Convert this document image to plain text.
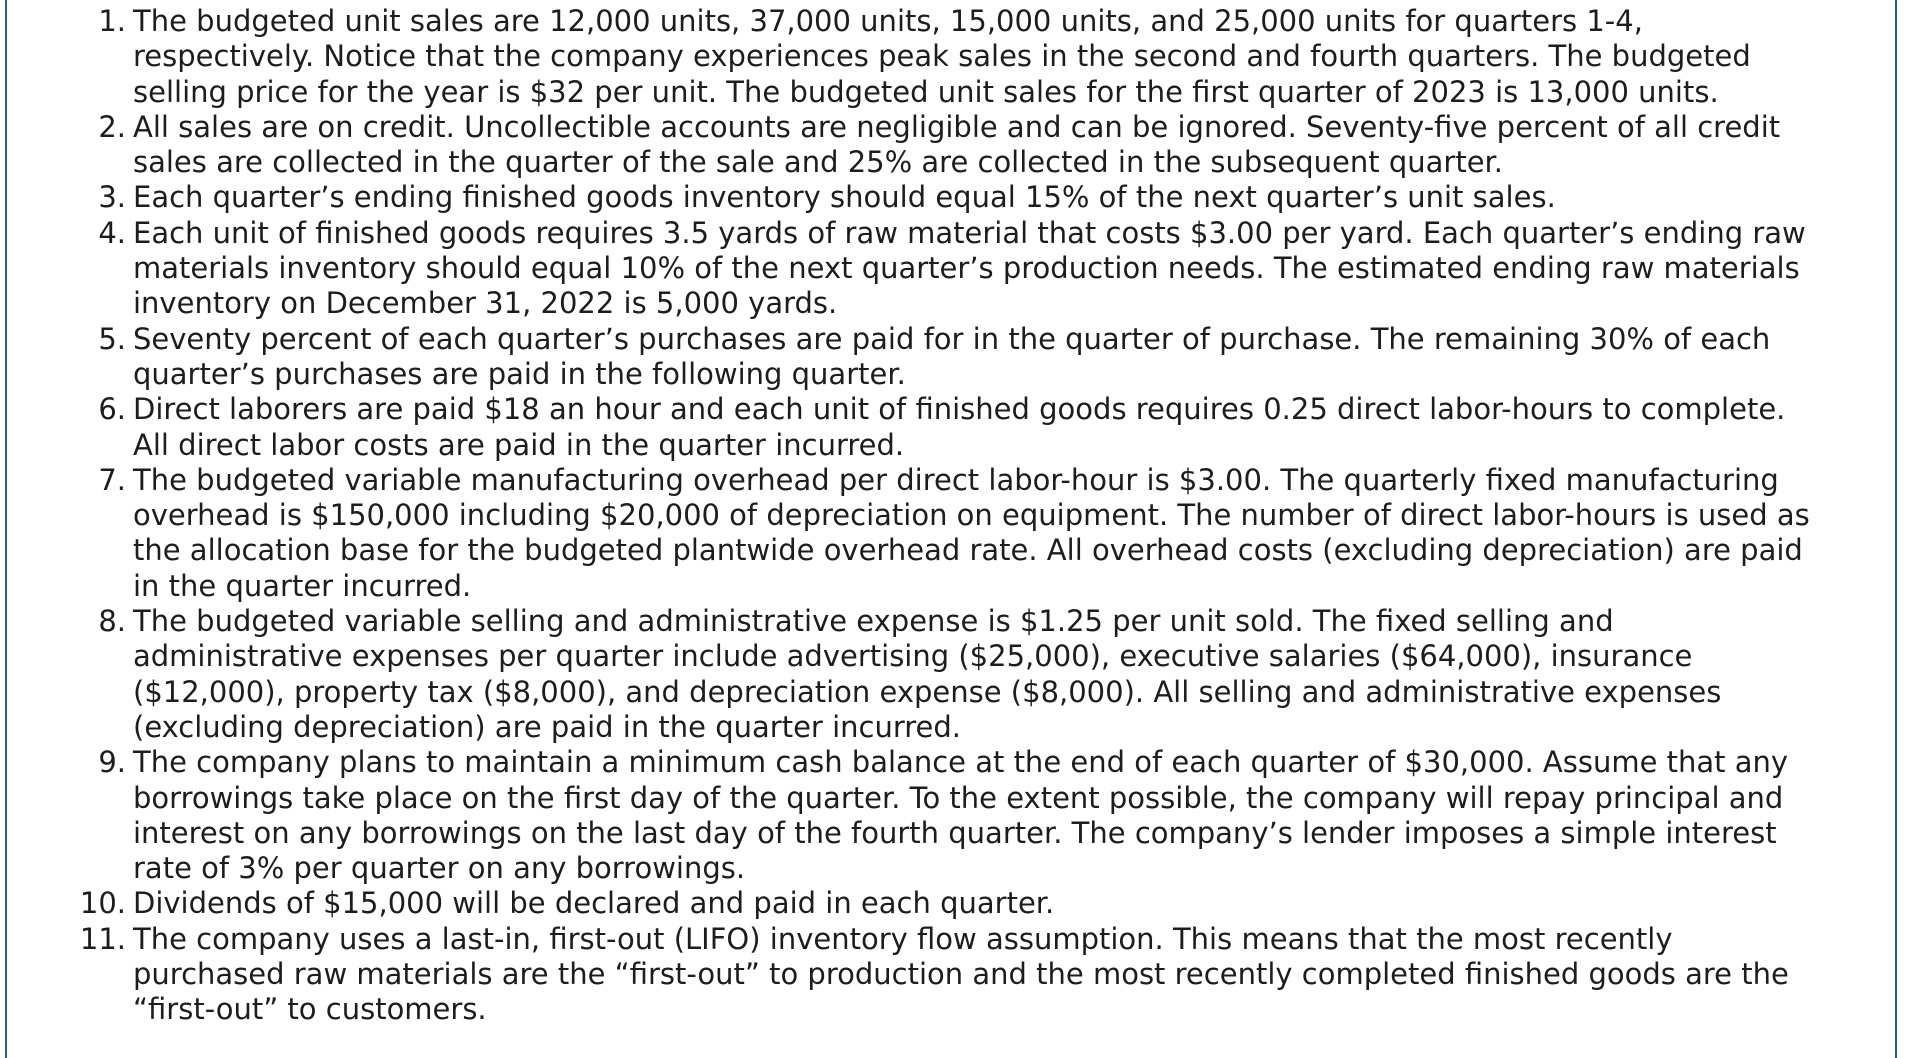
1. The budgeted unit sales are 12,000 units, 37,000 units, 15,000 units, and 25,000 units for quarters 1-4, respectively. Notice that the company experiences peak sales in the second and fourth quarters. The budgeted selling price for the year is $32 per unit. The budgeted unit sales for the first quarter of 2023 is 13,000 units.
2. All sales are on credit. Uncollectible accounts are negligible and can be ignored. Seventy-five percent of all credit sales are collected in the quarter of the sale and 25% are collected in the subsequent quarter.
3. Each quarter’s ending finished goods inventory should equal 15% of the next quarter’s unit sales.
4. Each unit of finished goods requires 3.5 yards of raw material that costs $3.00 per yard. Each quarter’s ending raw materials inventory should equal 10% of the next quarter’s production needs. The estimated ending raw materials inventory on December 31, 2022 is 5,000 yards.
5. Seventy percent of each quarter’s purchases are paid for in the quarter of purchase. The remaining 30% of each quarter’s purchases are paid in the following quarter.
6. Direct laborers are paid $18 an hour and each unit of finished goods requires 0.25 direct labor-hours to complete. All direct labor costs are paid in the quarter incurred.
7. The budgeted variable manufacturing overhead per direct labor-hour is $3.00. The quarterly fixed manufacturing overhead is $150,000 including $20,000 of depreciation on equipment. The number of direct labor-hours is used as the allocation base for the budgeted plantwide overhead rate. All overhead costs (excluding depreciation) are paid in the quarter incurred.
8. The budgeted variable selling and administrative expense is $1.25 per unit sold. The fixed selling and administrative expenses per quarter include advertising ($25,000), executive salaries ($64,000), insurance ($12,000), property tax ($8,000), and depreciation expense ($8,000). All selling and administrative expenses (excluding depreciation) are paid in the quarter incurred.
9. The company plans to maintain a minimum cash balance at the end of each quarter of $30,000. Assume that any borrowings take place on the first day of the quarter. To the extent possible, the company will repay principal and interest on any borrowings on the last day of the fourth quarter. The company’s lender imposes a simple interest rate of 3% per quarter on any borrowings.
10. Dividends of $15,000 will be declared and paid in each quarter.
11. The company uses a last-in, first-out (LIFO) inventory flow assumption. This means that the most recently purchased raw materials are the “first-out” to production and the most recently completed finished goods are the “first-out” to customers.
